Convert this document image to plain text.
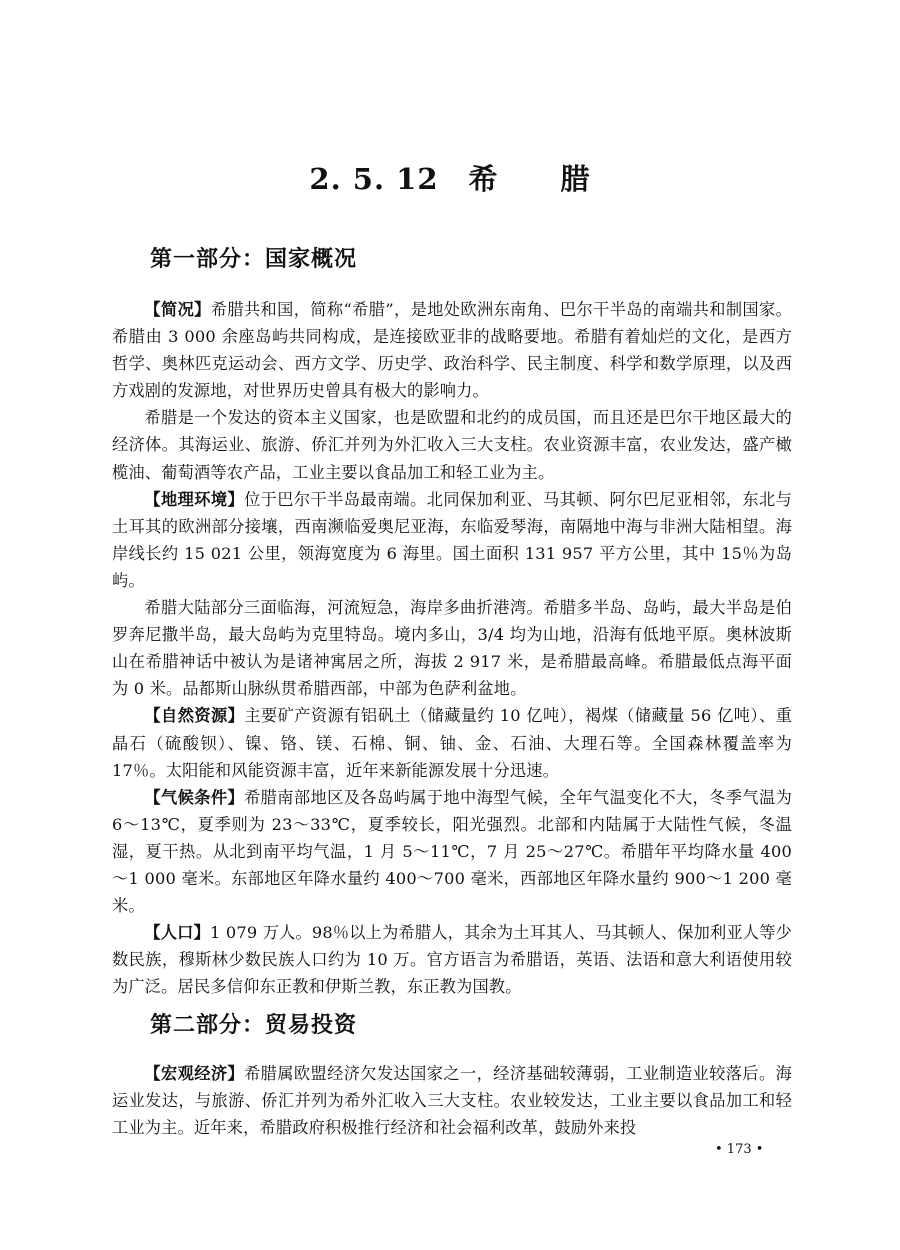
2. 5. 12 希 腊
第一部分：国家概况

【简况】希腊共和国，简称“希腊”，是地处欧洲东南角、巴尔干半岛的南端共和制国家。希腊由 3 000 余座岛屿共同构成，是连接欧亚非的战略要地。希腊有着灿烂的文化，是西方哲学、奥林匹克运动会、西方文学、历史学、政治科学、民主制度、科学和数学原理，以及西方戏剧的发源地，对世界历史曾具有极大的影响力。

希腊是一个发达的资本主义国家，也是欧盟和北约的成员国，而且还是巴尔干地区最大的经济体。其海运业、旅游、侨汇并列为外汇收入三大支柱。农业资源丰富，农业发达，盛产橄榄油、葡萄酒等农产品，工业主要以食品加工和轻工业为主。

【地理环境】位于巴尔干半岛最南端。北同保加利亚、马其顿、阿尔巴尼亚相邻，东北与土耳其的欧洲部分接壤，西南濒临爱奥尼亚海，东临爱琴海，南隔地中海与非洲大陆相望。海岸线长约 15 021 公里，领海宽度为 6 海里。国土面积 131 957 平方公里，其中 15％为岛屿。

希腊大陆部分三面临海，河流短急，海岸多曲折港湾。希腊多半岛、岛屿，最大半岛是伯罗奔尼撒半岛，最大岛屿为克里特岛。境内多山，3/4 均为山地，沿海有低地平原。奥林波斯山在希腊神话中被认为是诸神寓居之所，海拔 2 917 米，是希腊最高峰。希腊最低点海平面为 0 米。品都斯山脉纵贯希腊西部，中部为色萨利盆地。

【自然资源】主要矿产资源有铝矾土（储藏量约 10 亿吨），褐煤（储藏量 56 亿吨）、重晶石（硫酸钡）、镍、铬、镁、石棉、铜、铀、金、石油、大理石等。全国森林覆盖率为 17％。太阳能和风能资源丰富，近年来新能源发展十分迅速。

【气候条件】希腊南部地区及各岛屿属于地中海型气候，全年气温变化不大，冬季气温为 6～13℃，夏季则为 23～33℃，夏季较长，阳光强烈。北部和内陆属于大陆性气候，冬温湿，夏干热。从北到南平均气温，1 月 5～11℃，7 月 25～27℃。希腊年平均降水量 400～1 000 毫米。东部地区年降水量约 400～700 毫米，西部地区年降水量约 900～1 200 毫米。

【人口】1 079 万人。98％以上为希腊人，其余为土耳其人、马其顿人、保加利亚人等少数民族，穆斯林少数民族人口约为 10 万。官方语言为希腊语，英语、法语和意大利语使用较为广泛。居民多信仰东正教和伊斯兰教，东正教为国教。

第二部分：贸易投资

【宏观经济】希腊属欧盟经济欠发达国家之一，经济基础较薄弱，工业制造业较落后。海运业发达，与旅游、侨汇并列为希外汇收入三大支柱。农业较发达，工业主要以食品加工和轻工业为主。近年来，希腊政府积极推行经济和社会福利改革，鼓励外来投

• 173 •
